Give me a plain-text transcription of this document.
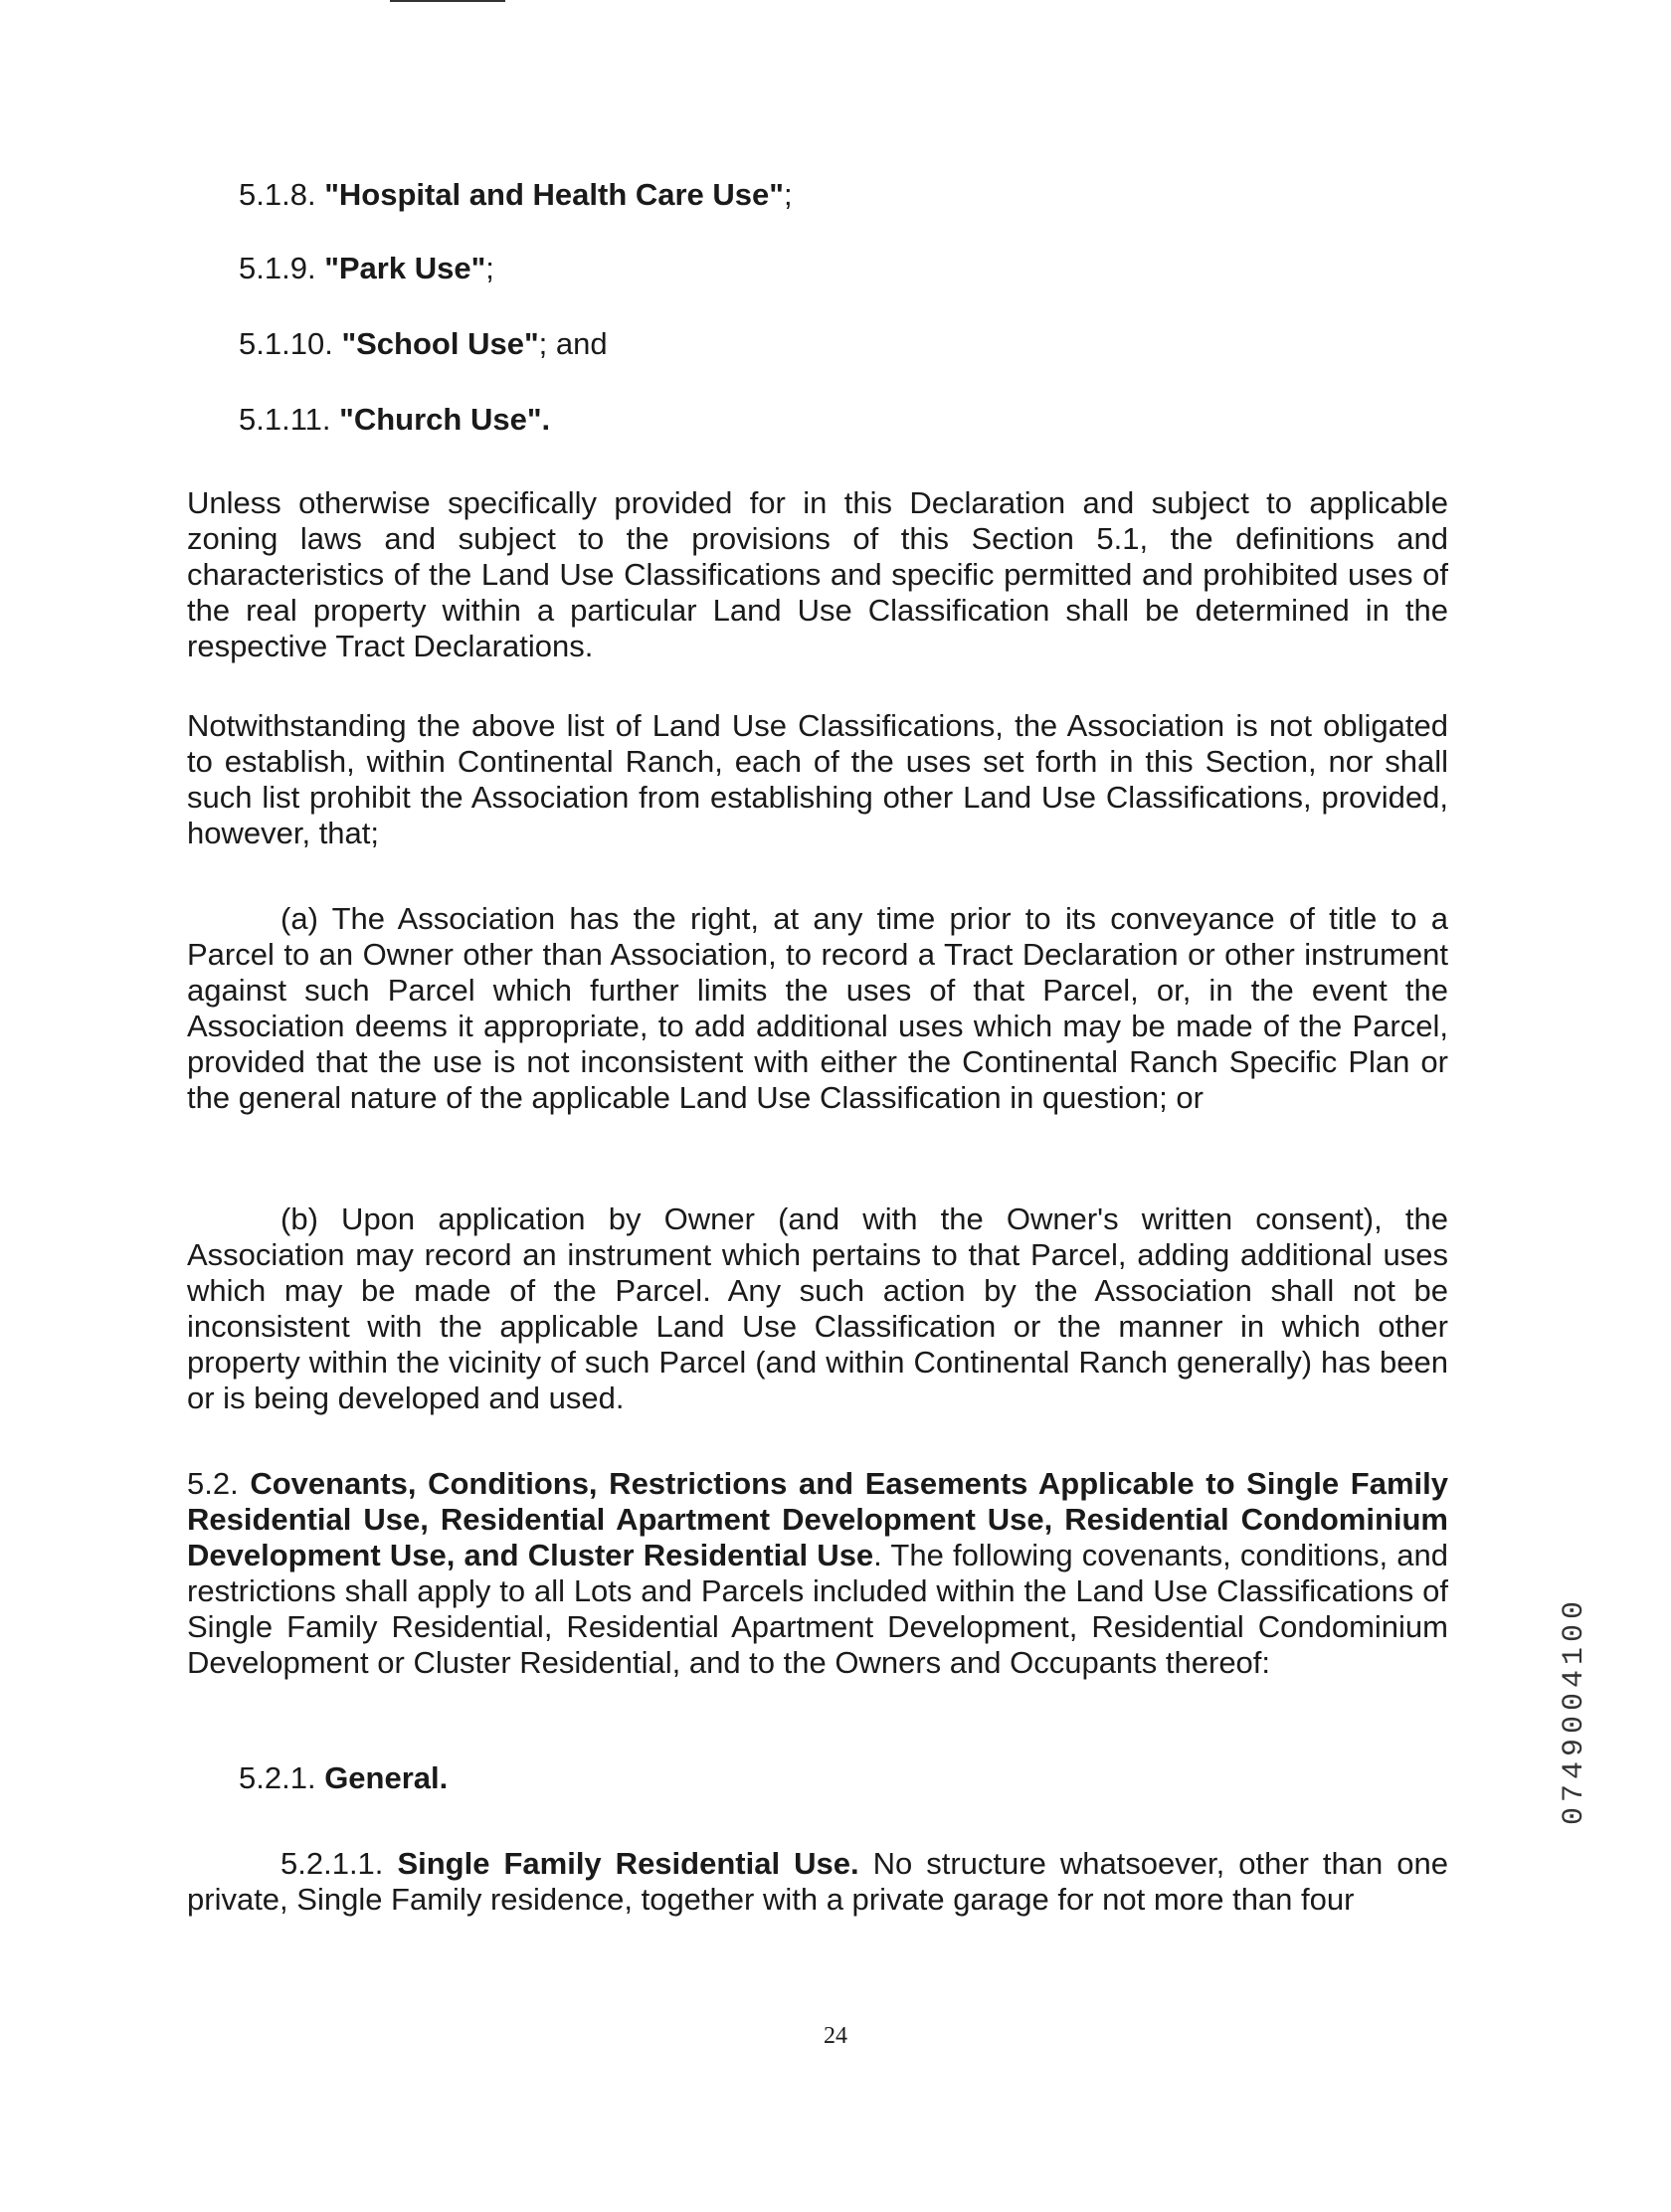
5.1.8. "Hospital and Health Care Use";
5.1.9. "Park Use";
5.1.10. "School Use"; and
5.1.11. "Church Use".
Unless otherwise specifically provided for in this Declaration and subject to applicable zoning laws and subject to the provisions of this Section 5.1, the definitions and characteristics of the Land Use Classifications and specific permitted and prohibited uses of the real property within a particular Land Use Classification shall be determined in the respective Tract Declarations.
Notwithstanding the above list of Land Use Classifications, the Association is not obligated to establish, within Continental Ranch, each of the uses set forth in this Section, nor shall such list prohibit the Association from establishing other Land Use Classifications, provided, however, that;
(a) The Association has the right, at any time prior to its conveyance of title to a Parcel to an Owner other than Association, to record a Tract Declaration or other instrument against such Parcel which further limits the uses of that Parcel, or, in the event the Association deems it appropriate, to add additional uses which may be made of the Parcel, provided that the use is not inconsistent with either the Continental Ranch Specific Plan or the general nature of the applicable Land Use Classification in question; or
(b) Upon application by Owner (and with the Owner's written consent), the Association may record an instrument which pertains to that Parcel, adding additional uses which may be made of the Parcel. Any such action by the Association shall not be inconsistent with the applicable Land Use Classification or the manner in which other property within the vicinity of such Parcel (and within Continental Ranch generally) has been or is being developed and used.
5.2. Covenants, Conditions, Restrictions and Easements Applicable to Single Family Residential Use, Residential Apartment Development Use, Residential Condominium Development Use, and Cluster Residential Use. The following covenants, conditions, and restrictions shall apply to all Lots and Parcels included within the Land Use Classifications of Single Family Residential, Residential Apartment Development, Residential Condominium Development or Cluster Residential, and to the Owners and Occupants thereof:
5.2.1. General.
5.2.1.1. Single Family Residential Use. No structure whatsoever, other than one private, Single Family residence, together with a private garage for not more than four
24
0749004100
